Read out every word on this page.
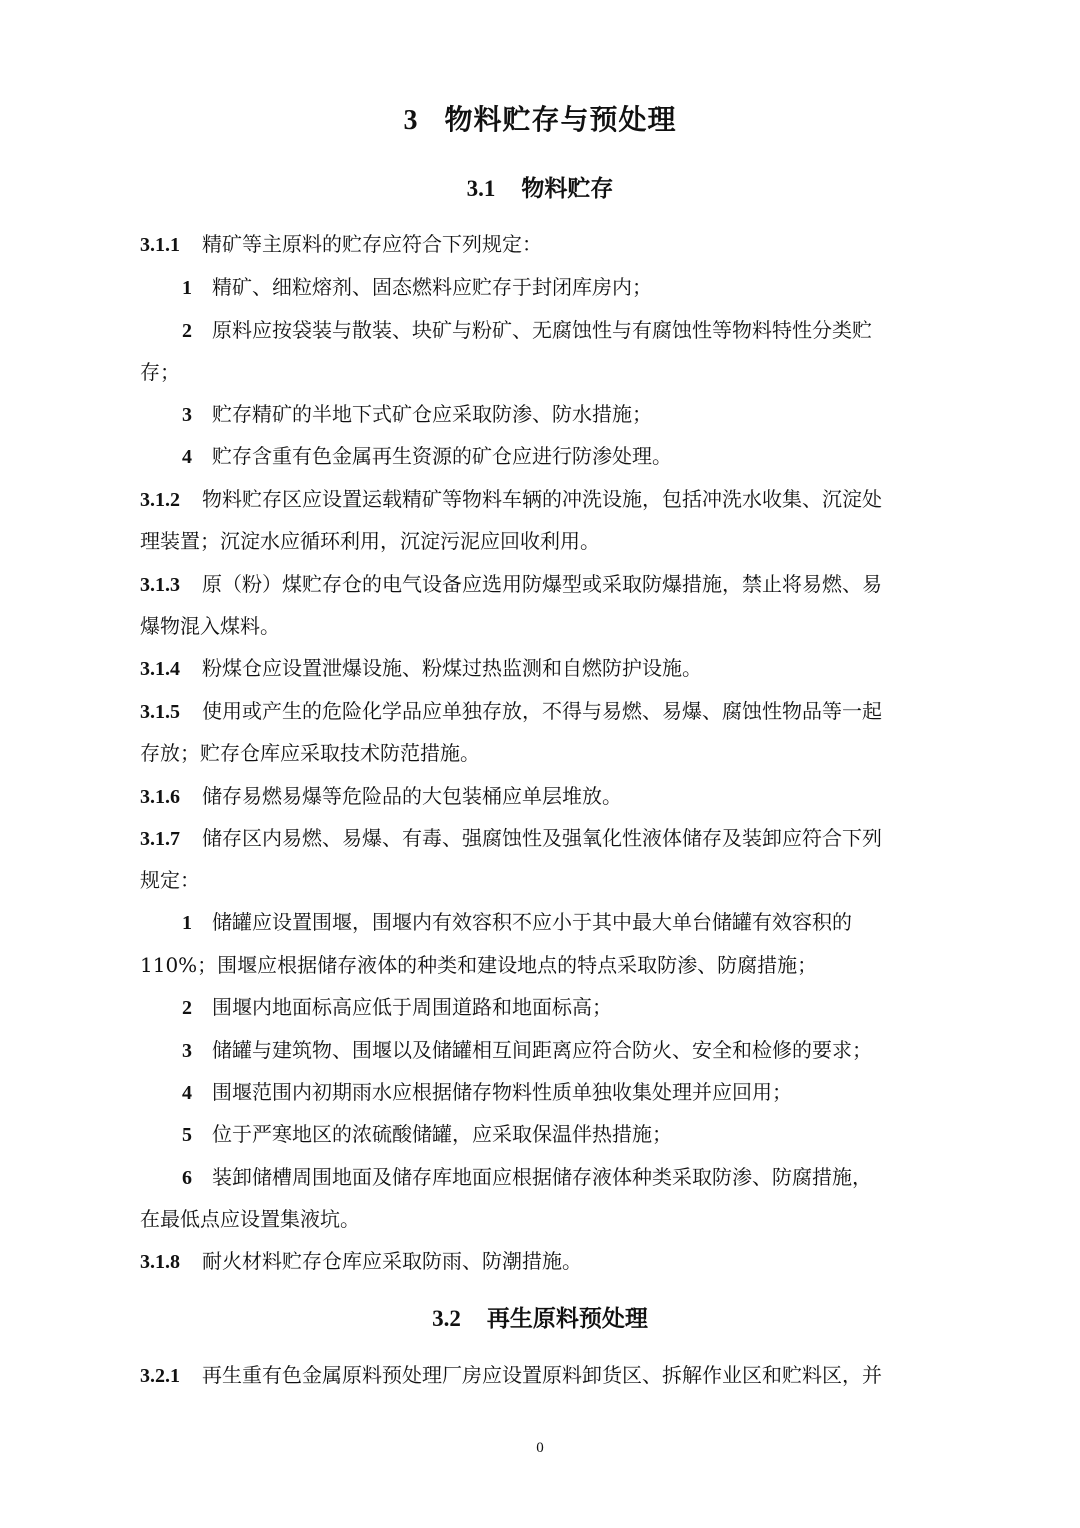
3 物料贮存与预处理
3.1 物料贮存
3.1.1 精矿等主原料的贮存应符合下列规定：
1 精矿、细粒熔剂、固态燃料应贮存于封闭库房内；
2 原料应按袋装与散装、块矿与粉矿、无腐蚀性与有腐蚀性等物料特性分类贮
存；
3 贮存精矿的半地下式矿仓应采取防渗、防水措施；
4 贮存含重有色金属再生资源的矿仓应进行防渗处理。
3.1.2 物料贮存区应设置运载精矿等物料车辆的冲洗设施，包括冲洗水收集、沉淀处
理装置；沉淀水应循环利用，沉淀污泥应回收利用。
3.1.3 原（粉）煤贮存仓的电气设备应选用防爆型或采取防爆措施，禁止将易燃、易
爆物混入煤料。
3.1.4 粉煤仓应设置泄爆设施、粉煤过热监测和自燃防护设施。
3.1.5 使用或产生的危险化学品应单独存放，不得与易燃、易爆、腐蚀性物品等一起
存放；贮存仓库应采取技术防范措施。
3.1.6 储存易燃易爆等危险品的大包装桶应单层堆放。
3.1.7 储存区内易燃、易爆、有毒、强腐蚀性及强氧化性液体储存及装卸应符合下列
规定：
1 储罐应设置围堰，围堰内有效容积不应小于其中最大单台储罐有效容积的
110%；围堰应根据储存液体的种类和建设地点的特点采取防渗、防腐措施；
2 围堰内地面标高应低于周围道路和地面标高；
3 储罐与建筑物、围堰以及储罐相互间距离应符合防火、安全和检修的要求；
4 围堰范围内初期雨水应根据储存物料性质单独收集处理并应回用；
5 位于严寒地区的浓硫酸储罐，应采取保温伴热措施；
6 装卸储槽周围地面及储存库地面应根据储存液体种类采取防渗、防腐措施，
在最低点应设置集液坑。
3.1.8 耐火材料贮存仓库应采取防雨、防潮措施。
3.2 再生原料预处理
3.2.1 再生重有色金属原料预处理厂房应设置原料卸货区、拆解作业区和贮料区，并
0
